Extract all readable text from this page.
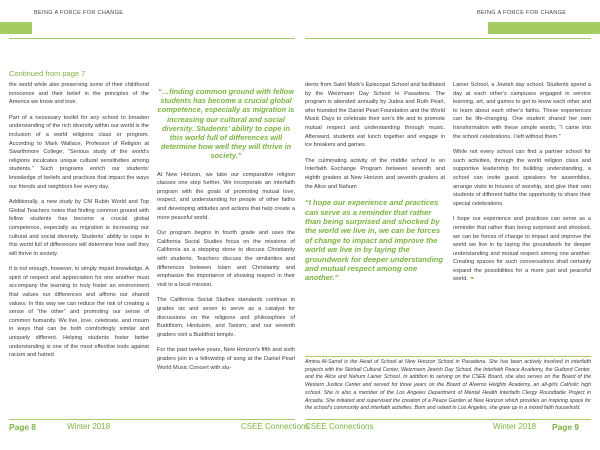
BEING A FORCE FOR CHANGE	BEING A FORCE FOR CHANGE
Continued from page 7

the world while also preserving some of their childhood innocence and their belief in the principles of the America we know and love.

Part of a necessary toolkit for any school to broaden understanding of the rich diversity within our world is the inclusion of a world religions class or program. According to Mark Wallace, Professor of Religion at Swarthmore College, “Serious study of the world’s religions inculcates unique cultural sensitivities among students.” Such programs enrich our students’ knowledge of beliefs and practices that impact the ways our friends and neighbors live every day.

Additionally, a new study by CM Rubin World and Top Global Teachers notes that finding common ground with fellow students has become a crucial global competence, especially as migration is increasing our cultural and social diversity. Students’ ability to cope in this world full of differences will determine how well they will thrive in society.

It is not enough, however, to simply impart knowledge. A spirit of respect and appreciation for one another must accompany the learning to truly foster an environment that values our differences and affirms our shared values. In this way we can reduce the risk of creating a sense of “the other” and promoting our sense of common humanity. We live, love, celebrate, and mourn in ways that can be both comfortingly similar and uniquely different. Helping students foster better understanding is one of the most effective tools against racism and hatred

“…finding common ground with fellow students has become a crucial global competence, especially as migration is increasing our cultural and social diversity. Students’ ability to cope in this world full of differences will determine how well they will thrive in society.”

At New Horizon, we take our comparative religion classes one step further. We incorporate an interfaith program with the goals of promoting mutual love, respect, and understanding for people of other faiths and developing attitudes and actions that help create a more peaceful world.

Our program begins in fourth grade and uses the California Social Studies focus on the missions of California as a stepping stone to discuss Christianity with students. Teachers discuss the similarities and differences between Islam and Christianity and emphasize the importance of showing respect in their visit to a local mission.

The California Social Studies standards continue in grades six and seven to serve as a catalyst for discussions on the religions and philosophies of Buddhism, Hinduism, and Taoism, and our seventh graders visit a Buddhist temple.

For the past twelve years, New Horizon’s fifth and sixth graders join in a fellowship of song at the Daniel Pearl World Music Concert with stu-

dents from Saint Mark’s Episcopal School and facilitated by the Weizmann Day School in Pasadena. The program is attended annually by Judea and Ruth Pearl, who founded the Daniel Pearl Foundation and the World Music Days to celebrate their son’s life and to promote mutual respect and understanding through music. Afterward, students eat lunch together and engage in ice breakers and games.

The culminating activity of the middle school is an Interfaith Exchange Program between seventh and eighth graders at New Horizon and seventh graders at the Alice and Nahum

“I hope our experience and practices can serve as a reminder that rather than being surprised and shocked by the world we live in, we can be forces of change to impact and improve the world we live in by laying the groundwork for deeper understanding and mutual respect among one another.”

Lainer School, a Jewish day school. Students spend a day at each other’s campuses engaged in service learning, art, and games to get to know each other and to learn about each other’s faiths. These experiences can be life-changing. One student shared her own transformation with these simple words, “I came into the school celebrations. I left without them.”

While not every school can find a partner school for such activities, through the world religion class and supportive leadership for building understanding, a school can invite guest speakers for assemblies, arrange visits to houses of worship, and give their own students of different faiths the opportunity to share their special celebrations.

I hope our experience and practices can serve as a reminder that rather than being surprised and shocked, we can be forces of change to impact and improve the world we live in by laying the groundwork for deeper understanding and mutual respect among one another. Creating spaces for such conversations shall certainly expand the possibilities for a more just and peaceful world. ❧

Amina Al-Sarraf is the Head of School at New Horizon School in Pasadena. She has been actively involved in interfaith projects with the Skirball Cultural Center, Weizmann Jewish Day School, the Interfaith Peace Academy, the Guibord Center, and the Alice and Nahum Lainer School. In addition to serving on the CSEE Board, she also serves on the Board of the Western Justice Center and served for three years on the Board of Alverno Heights Academy, an all-girls Catholic high school. She is also a member of the Los Angeles Department of Mental Health Interfaith Clergy Roundtable Project in Arcadia. She initiated and supervised the creation of a Peace Garden at New Horizon which provides an inspiring space for the school’s community and interfaith activities. Born and raised in Los Angeles, she grew up in a mixed faith household.
Page 8	Winter 2018	CSEE Connections
CSEE Connections	Winter 2018 Page 9
